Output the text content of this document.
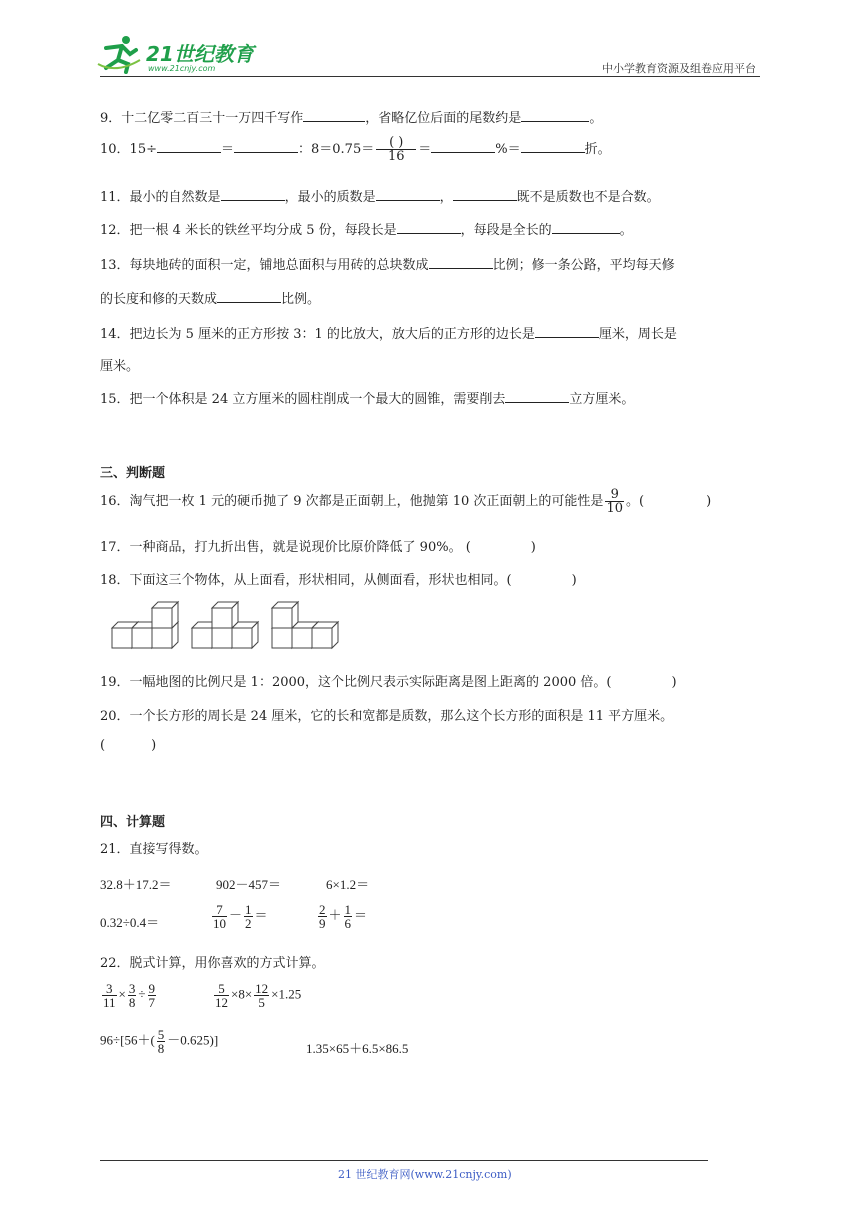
21世纪教育
www.21cnjy.com	中小学教育资源及组卷应用平台
9．十二亿零二百三十一万四千写作	，省略亿位后面的尾数约是	。
10．15÷	＝	：$8=0.75= \frac{( )}{16}$ ＝	%＝	折。
11．最小的自然数是	，最小的质数是	，	既不是质数也不是合数。
12．把一根 4 米长的铁丝平均分成 5 份，每段长是	，每段是全长的	。
13．每块地砖的面积一定，铺地总面积与用砖的总块数成	比例；修一条公路，平均每天修
的长度和修的天数成	比例。
14．把边长为 5 厘米的正方形按 3：1 的比放大，放大后的正方形的边长是	厘米，周长是
厘米。
15．把一个体积是 24 立方厘米的圆柱削成一个最大的圆锥，需要削去	立方厘米。
三、判断题
16．淘气把一枚 1 元的硬币抛了 9 次都是正面朝上，他抛第 10 次正面朝上的可能性是 $\frac{9}{10}$ 。(	)
17．一种商品，打九折出售，就是说现价比原价降低了 90%。 (	)
18．下面这三个物体，从上面看，形状相同，从侧面看，形状也相同。(	)
19．一幅地图的比例尺是 1：2000，这个比例尺表示实际距离是图上距离的 2000 倍。(	)
20．一个长方形的周长是 24 厘米，它的长和宽都是质数，那么这个长方形的面积是 11 平方厘米。
(	)
四、计算题
21．直接写得数。
32.8＋17.2＝	902－457＝	6×1.2＝
0.32÷0.4＝	$\frac{7}{10} - \frac{1}{2}$ ＝	$\frac{2}{9} + \frac{1}{6}$ ＝
22．脱式计算，用你喜欢的方式计算。
$\frac{3}{11} \times \frac{3}{8} \div \frac{9}{7}$	$\frac{5}{12} \times 8\times \frac{12}{5} \times 1.25$
$96\div[56+( \frac{5}{8} -0.625)]$
1.35×65＋6.5×86.5
21 世纪教育网(www.21cnjy.com)
